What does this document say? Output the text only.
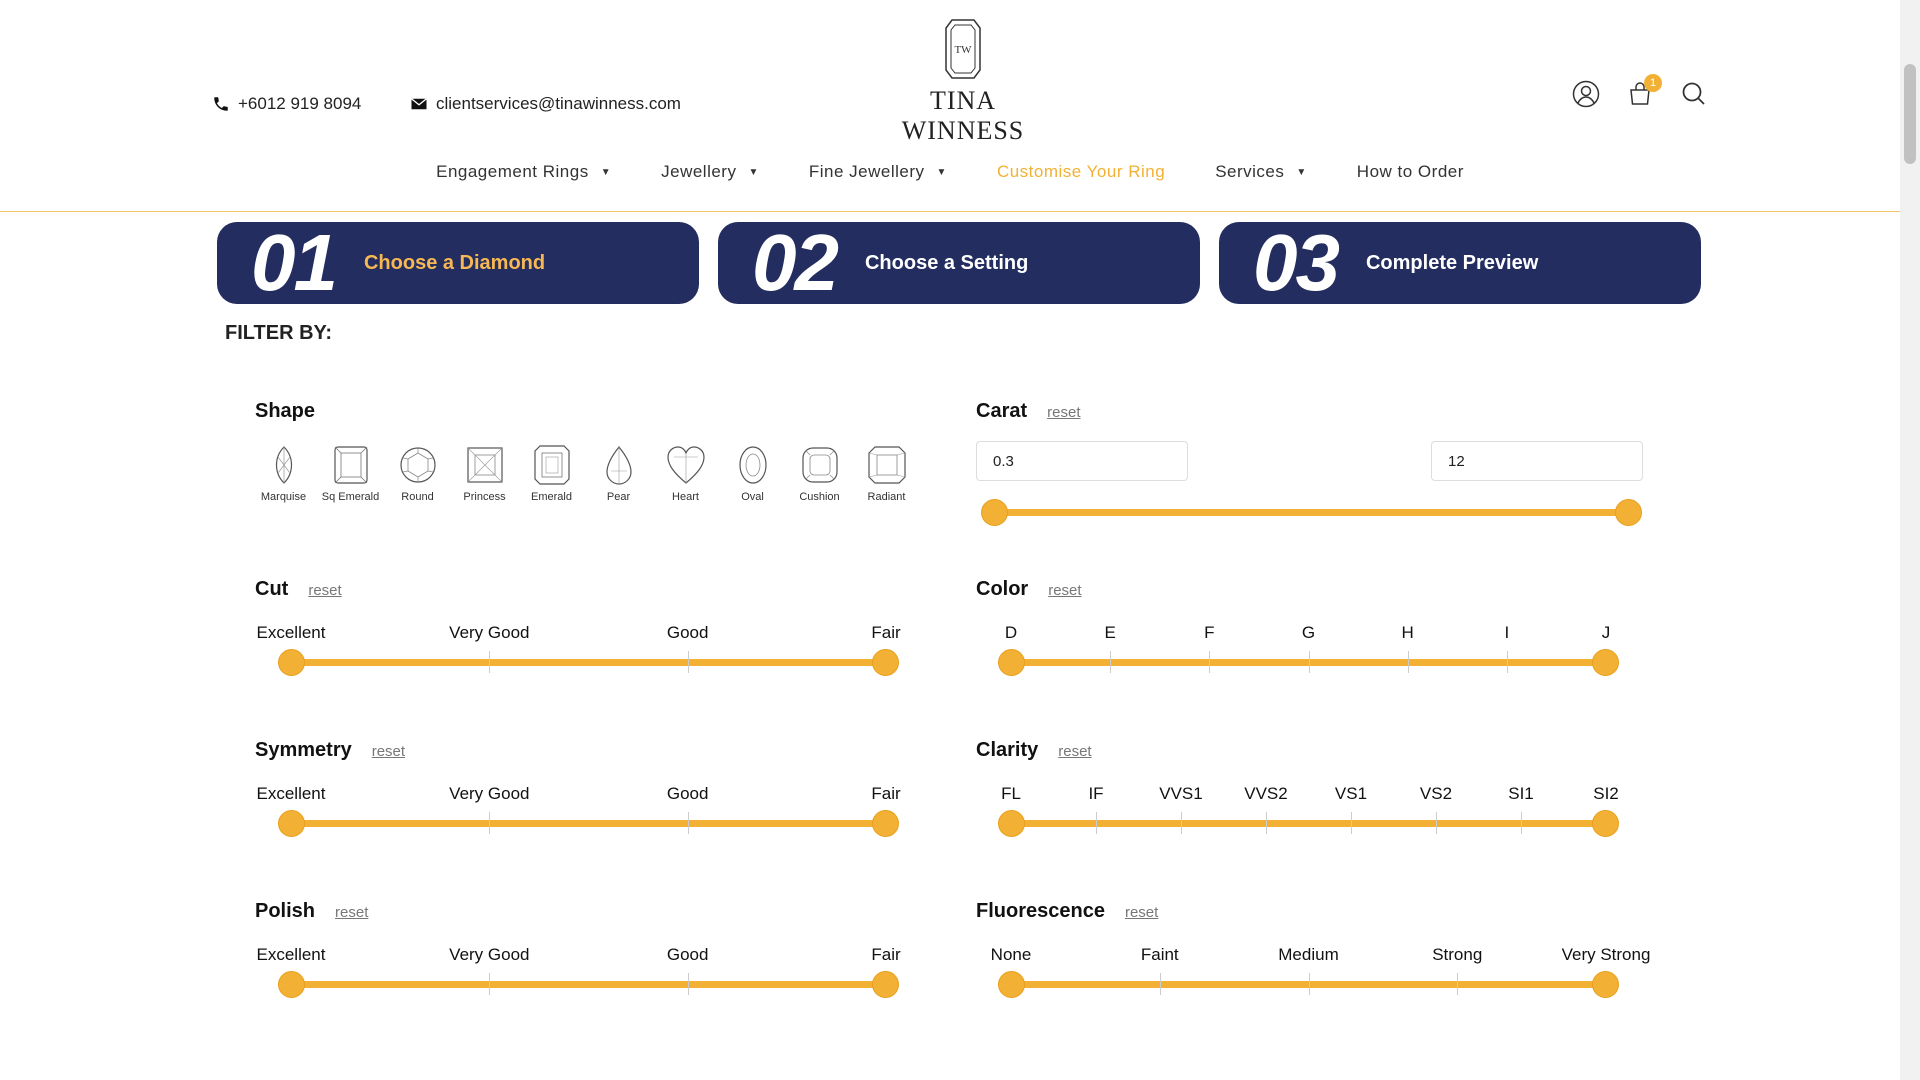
+6012 919 8094	clientservices@tinawinness.com
TW
TINA WINNESS
1
Engagement Rings ▼	Jewellery ▼	Fine Jewellery ▼	Customise Your Ring	Services ▼	How to Order
01 Choose a Diamond	02 Choose a Setting	03 Complete Preview
FILTER BY:
Shape
Marquise Sq Emerald Round	Princess Emerald	Pear	Heart	Oval	Cushion	Radiant
Carat reset
0.3
12
Cut reset
Excellent	Very Good	Good	Fair
Color reset
D	E	F	G	H	I	J
Symmetry reset
Excellent	Very Good	Good	Fair
Clarity reset
FL	IF	VVS1 VVS2	VS1	VS2	SI1	SI2
Polish reset
Excellent	Very Good	Good	Fair
Fluorescence reset
None	Faint	Medium	Strong	Very Strong
